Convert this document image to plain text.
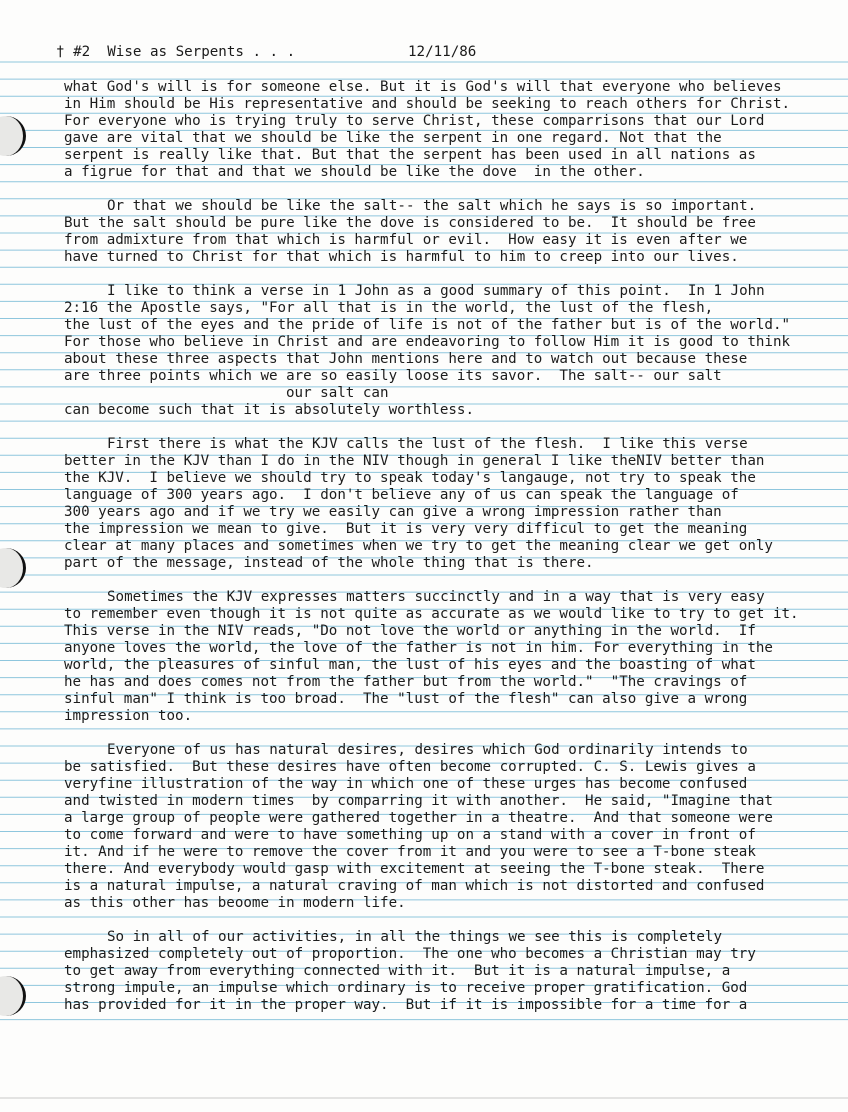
† #2  Wise as Serpents . . .

	12/11/86

what God's will is for someone else. But it is God's will that everyone who believes
in Him should be His representative and should be seeking to reach others for Christ.
For everyone who is trying truly to serve Christ, these comparrisons that our Lord
gave are vital that we should be like the serpent in one regard. Not that the
serpent is really like that. But that the serpent has been used in all nations as
a figrue for that and that we should be like the dove  in the other.
Or that we should be like the salt-- the salt which he says is so important.
But the salt should be pure like the dove is considered to be.  It should be free
from admixture from that which is harmful or evil.  How easy it is even after we
have turned to Christ for that which is harmful to him to creep into our lives.
I like to think a verse in 1 John as a good summary of this point.  In 1 John
2:16 the Apostle says, "For all that is in the world, the lust of the flesh,
the lust of the eyes and the pride of life is not of the father but is of the world."
For those who believe in Christ and are endeavoring to follow Him it is good to think
about these three aspects that John mentions here and to watch out because these
are three points which we are so easily loose its savor.  The salt-- our salt
our salt can
can become such that it is absolutely worthless.
First there is what the KJV calls the lust of the flesh.  I like this verse
better in the KJV than I do in the NIV though in general I like theNIV better than
the KJV.  I believe we should try to speak today's langauge, not try to speak the
language of 300 years ago.  I don't believe any of us can speak the language of
300 years ago and if we try we easily can give a wrong impression rather than
the impression we mean to give.  But it is very very difficul to get the meaning
clear at many places and sometimes when we try to get the meaning clear we get only
part of the message, instead of the whole thing that is there.
Sometimes the KJV expresses matters succinctly and in a way that is very easy
to remember even though it is not quite as accurate as we would like to try to get it.
This verse in the NIV reads, "Do not love the world or anything in the world.  If
anyone loves the world, the love of the father is not in him. For everything in the
world, the pleasures of sinful man, the lust of his eyes and the boasting of what
he has and does comes not from the father but from the world."  "The cravings of
sinful man" I think is too broad.  The "lust of the flesh" can also give a wrong
impression too.
Everyone of us has natural desires, desires which God ordinarily intends to
be satisfied.  But these desires have often become corrupted. C. S. Lewis gives a
veryfine illustration of the way in which one of these urges has become confused
and twisted in modern times  by comparring it with another.  He said, "Imagine that
a large group of people were gathered together in a theatre.  And that someone were
to come forward and were to have something up on a stand with a cover in front of
it. And if he were to remove the cover from it and you were to see a T-bone steak
there. And everybody would gasp with excitement at seeing the T-bone steak.  There
is a natural impulse, a natural craving of man which is not distorted and confused
as this other has beoome in modern life.
So in all of our activities, in all the things we see this is completely
emphasized completely out of proportion.  The one who becomes a Christian may try
to get away from everything connected with it.  But it is a natural impulse, a
strong impule, an impulse which ordinary is to receive proper gratification. God
has provided for it in the proper way.  But if it is impossible for a time for a
